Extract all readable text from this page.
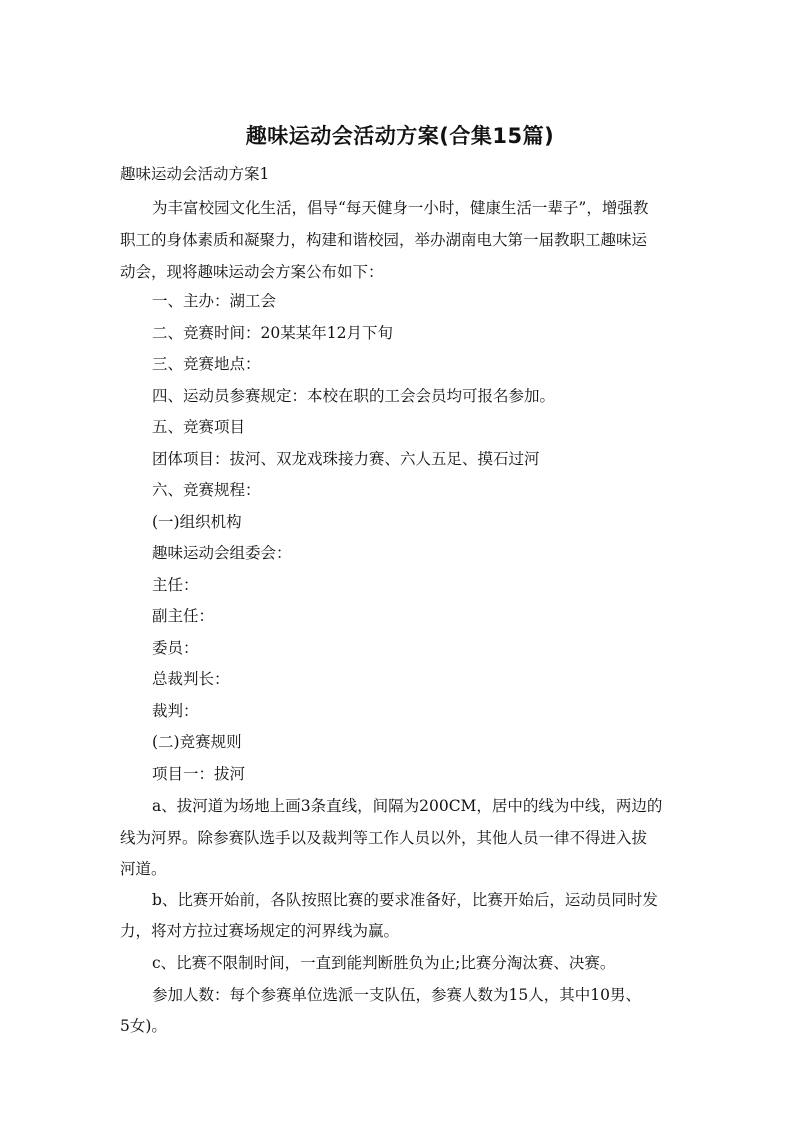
趣味运动会活动方案(合集15篇)
趣味运动会活动方案1
为丰富校园文化生活，倡导“每天健身一小时，健康生活一辈子”，增强教
职工的身体素质和凝聚力，构建和谐校园，举办湖南电大第一届教职工趣味运
动会，现将趣味运动会方案公布如下：
一、主办：湖工会
二、竞赛时间：20某某年12月下旬
三、竞赛地点：
四、运动员参赛规定：本校在职的工会会员均可报名参加。
五、竞赛项目
团体项目：拔河、双龙戏珠接力赛、六人五足、摸石过河
六、竞赛规程：
(一)组织机构
趣味运动会组委会：
主任：
副主任：
委员：
总裁判长：
裁判：
(二)竞赛规则
项目一：拔河
a、拔河道为场地上画3条直线，间隔为200CM，居中的线为中线，两边的
线为河界。除参赛队选手以及裁判等工作人员以外，其他人员一律不得进入拔
河道。
b、比赛开始前，各队按照比赛的要求准备好，比赛开始后，运动员同时发
力，将对方拉过赛场规定的河界线为赢。
c、比赛不限制时间，一直到能判断胜负为止;比赛分淘汰赛、决赛。
参加人数：每个参赛单位选派一支队伍，参赛人数为15人，其中10男、
5女)。
